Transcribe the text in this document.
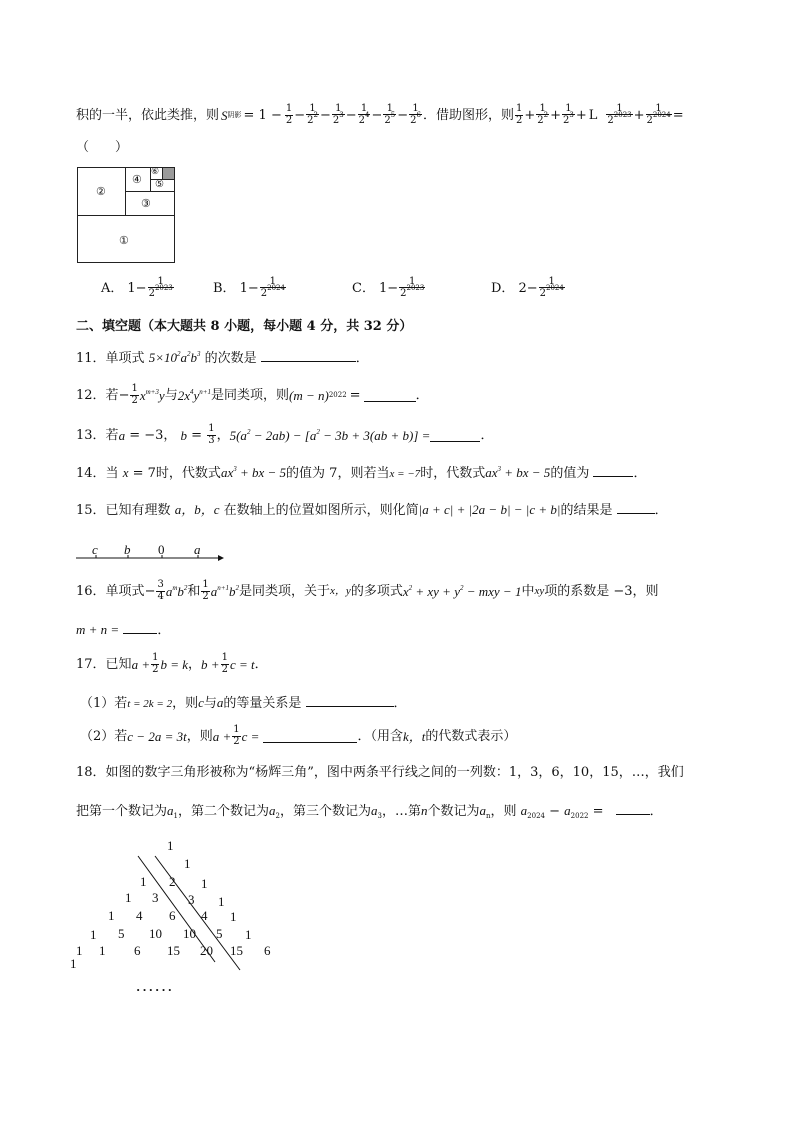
积的一半，依此类推，则 S 阴影 = $1 - \frac{1}{2} - \frac{1}{2^2} - \frac{1}{2^3} - \frac{1}{2^4} - \frac{1}{2^5} - \frac{1}{2^6}$ ．借助图形，则 $\frac{1}{2} + \frac{1}{2^2} + \frac{1}{2^3} + L \frac{1}{2^{2023}} + \frac{1}{2^{2024}}$ =
（　　）
②
④
⑥
⑤
③
①
A． $1- \frac{1}{2^{2023}}$	B． $1- \frac{1}{2^{2024}}$	C． $1- \frac{1}{2^{2023}}$	D． $2- \frac{1}{2^{2024}}$
二、填空题（本大题共 8 小题，每小题 4 分，共 32 分）
11．单项式 $5\times 10^2a^2b^3$ 的次数是	．
12． 若 − $\frac{1}{2} x^{m+3}y$ 与 $2x^4y^{n+1}$ 是同类项，则 (m − n) 2022 =	．
13． 若 a = −3， $b = \frac{1}{3}$ ， $5(a^2 - 2ab) - [a^2 - 3b + 3(ab + b)]$ =	．
14．当 x = 7时，代数式$ax^3$ + bx − 5的值为 7，则若当x = −7时，代数式$ax^3$ + bx − 5的值为	．
15．已知有理数 a，b，c 在数轴上的位置如图所示，则化简|a + c| + |2a − b| − |c + b|的结果是	．
c b 0 a
16． 单项式 − $\frac{3}{4} a^mb^2$ 和 $\frac{1}{2} a^{n+1}b^2$ 是同类项，关于 x，y 的多项式 $x^2$ + xy + $y^2$ − mxy − 1 中 xy 项的系数是 −3，则
m + n =	．
17． 已知 $a + \frac{1}{2}$ b = k ， $b + \frac{1}{2}$ c = t ．
（1）若t = 2k = 2，则c与a的等量关系是	．
（2）若 c − 2a = 3t ，则 $a + \frac{1}{2}$ c =	．（用含 k，t 的代数式表示）
18．如图的数字三角形被称为“杨辉三角”，图中两条平行线之间的一列数：1，3，6，10，15，…，我们
把第一个数记为$a_1$，第二个数记为$a_2$，第三个数记为$a_3$，…第n个数记为$a_n$，则 $a_{2024} - a_{2022}$ =	．
1
1
1
1
2 1
1
3 3 1
1
4 6 4 1
1
5 10 10 5 1
1 6 15 20 15 6
1
······
